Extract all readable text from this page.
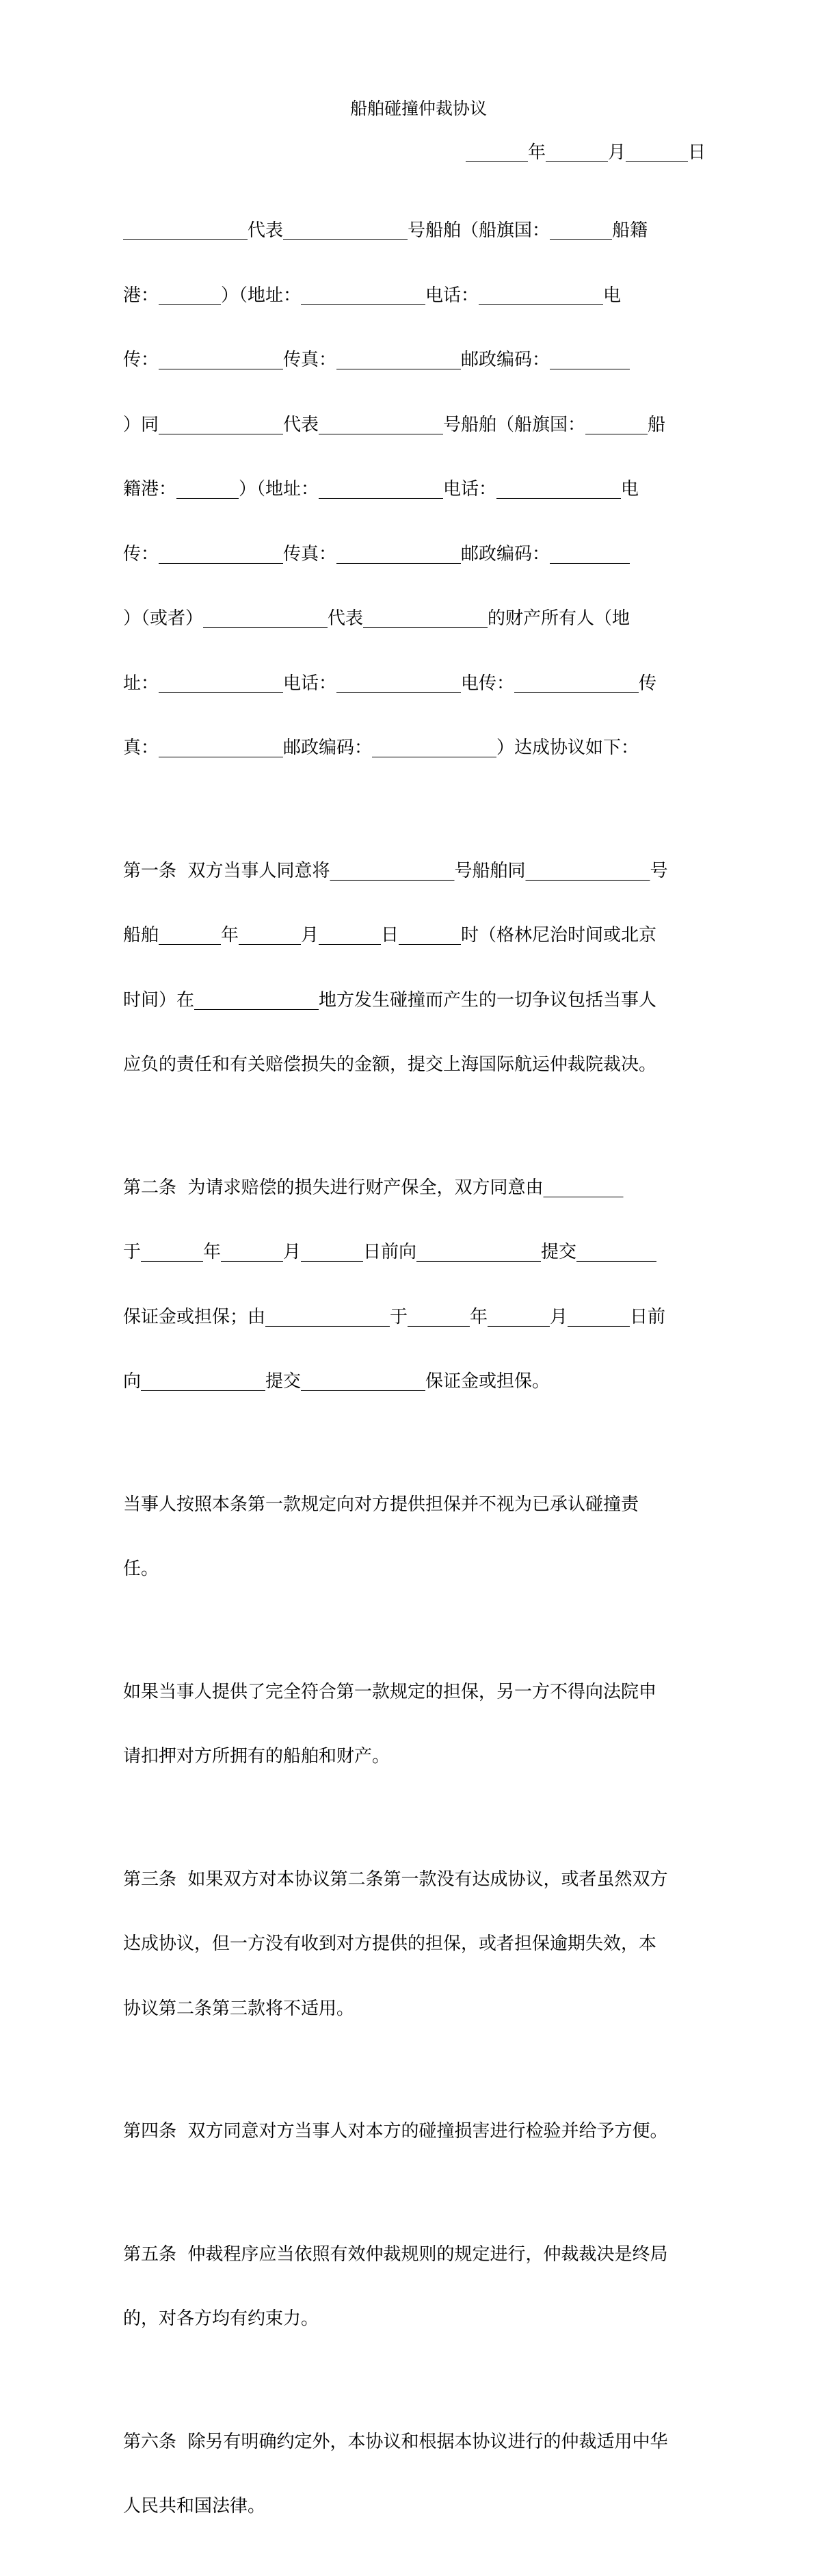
船舶碰撞仲裁协议
_______年_______月_______日

______________代表______________号船舶（船旗国：_______船籍

港：_______）（地址：______________电话：______________电

传：______________传真：______________邮政编码：_________

）同______________代表______________号船舶（船旗国：_______船

籍港：_______）（地址：______________电话：______________电

传：______________传真：______________邮政编码：_________

）（或者）______________代表______________的财产所有人（地

址：______________电话：______________电传：______________传

真：______________邮政编码：______________）达成协议如下：

第一条  双方当事人同意将______________号船舶同______________号

船舶_______年_______月_______日_______时（格林尼治时间或北京

时间）在______________地方发生碰撞而产生的一切争议包括当事人

应负的责任和有关赔偿损失的金额，提交上海国际航运仲裁院裁决。

第二条  为请求赔偿的损失进行财产保全，双方同意由_________

于_______年_______月_______日前向______________提交_________

保证金或担保；由______________于_______年_______月_______日前

向______________提交______________保证金或担保。

当事人按照本条第一款规定向对方提供担保并不视为已承认碰撞责

任。

如果当事人提供了完全符合第一款规定的担保，另一方不得向法院申

请扣押对方所拥有的船舶和财产。

第三条  如果双方对本协议第二条第一款没有达成协议，或者虽然双方

达成协议，但一方没有收到对方提供的担保，或者担保逾期失效，本

协议第二条第三款将不适用。

第四条  双方同意对方当事人对本方的碰撞损害进行检验并给予方便。

第五条  仲裁程序应当依照有效仲裁规则的规定进行，仲裁裁决是终局

的，对各方均有约束力。

第六条  除另有明确约定外，本协议和根据本协议进行的仲裁适用中华

人民共和国法律。
